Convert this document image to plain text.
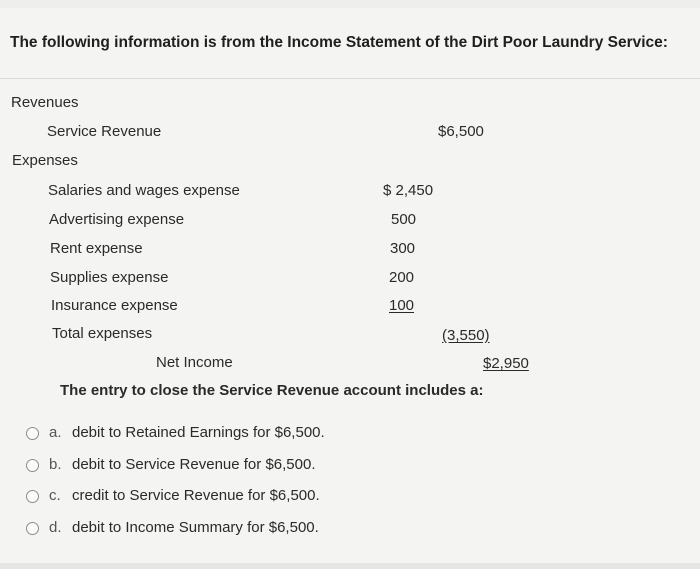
The following information is from the Income Statement of the Dirt Poor Laundry Service:
Revenues
Service Revenue	$6,500
Expenses
Salaries and wages expense	$ 2,450
Advertising expense	500
Rent expense	300
Supplies expense	200
Insurance expense	100
Total expenses	(3,550)
Net Income	$2,950
The entry to close the Service Revenue account includes a:
a. debit to Retained Earnings for $6,500.
b. debit to Service Revenue for $6,500.
c. credit to Service Revenue for $6,500.
d. debit to Income Summary for $6,500.
